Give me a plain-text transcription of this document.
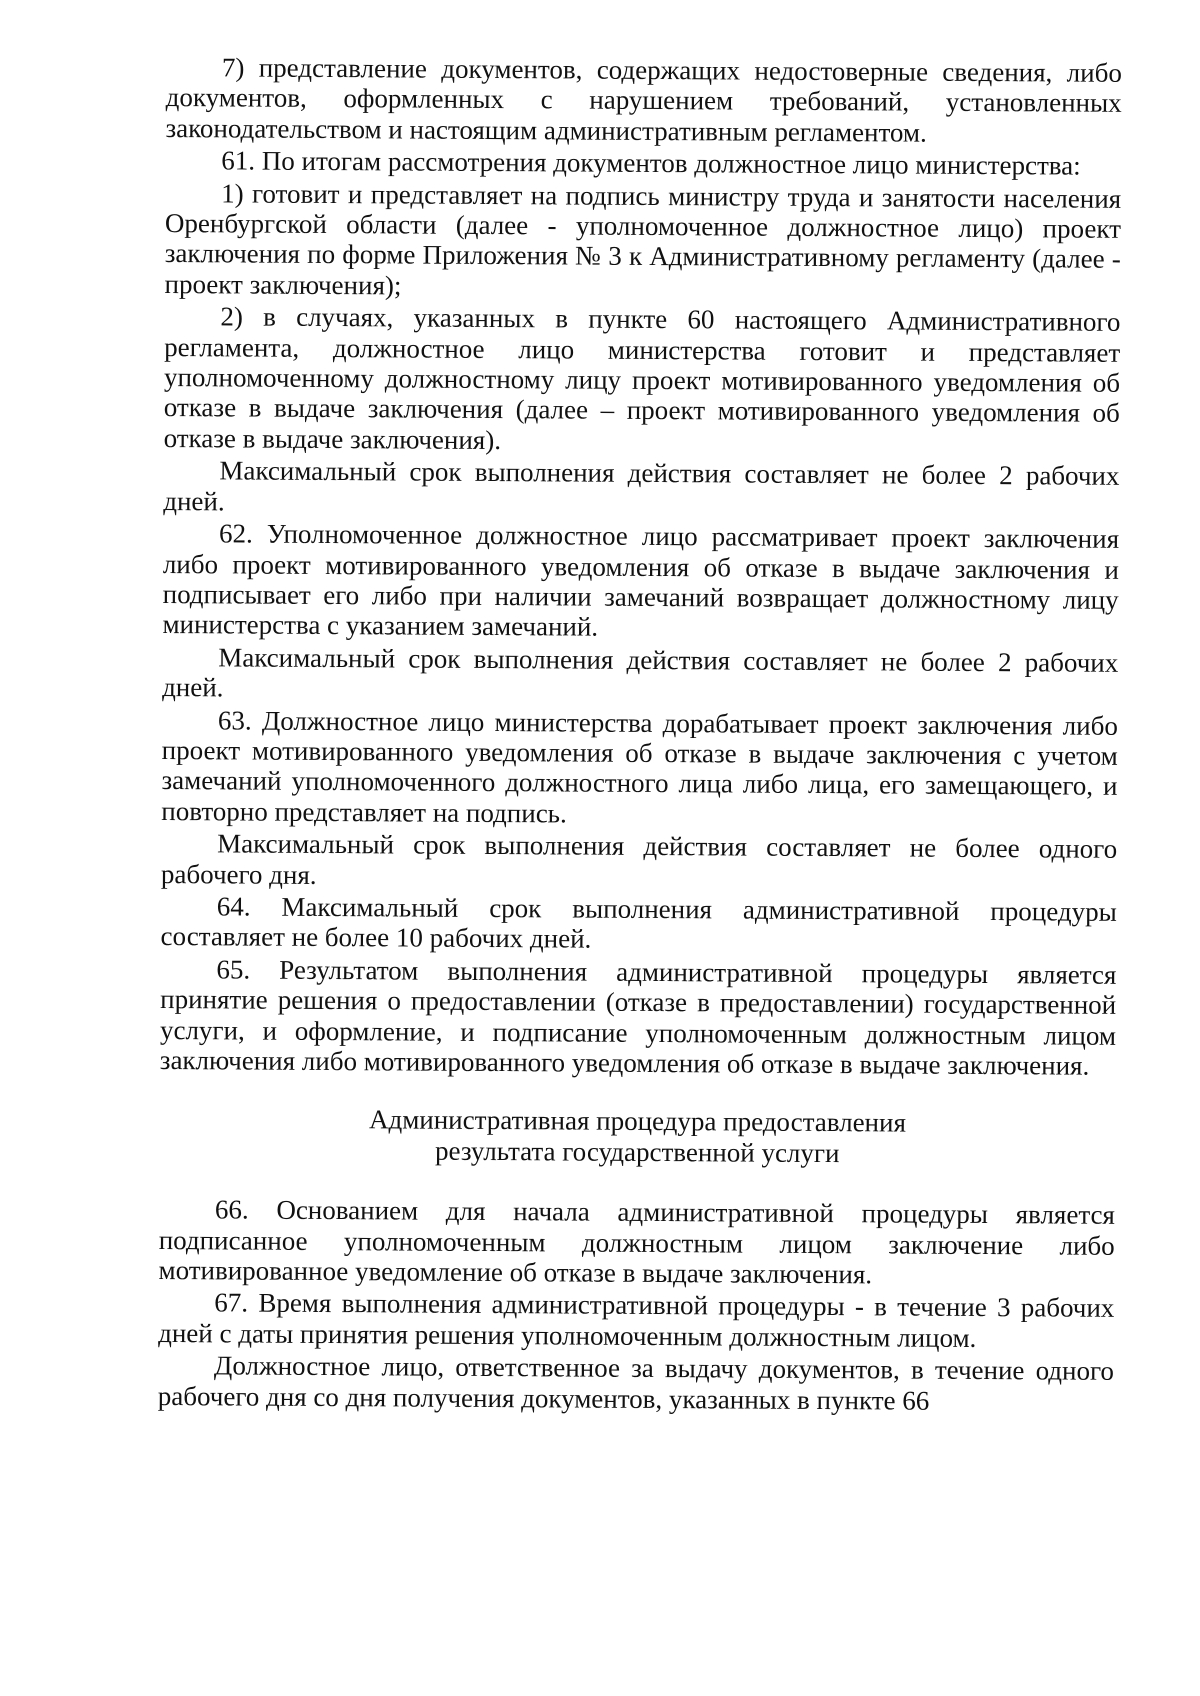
7) представление документов, содержащих недостоверные сведения, либо документов, оформленных с нарушением требований, установленных законодательством и настоящим административным регламентом.

61. По итогам рассмотрения документов должностное лицо министерства:

1) готовит и представляет на подпись министру труда и занятости населения Оренбургской области (далее - уполномоченное должностное лицо) проект заключения по форме Приложения № 3 к Административному регламенту (далее - проект заключения);

2) в случаях, указанных в пункте 60 настоящего Административного регламента, должностное лицо министерства готовит и представляет уполномоченному должностному лицу проект мотивированного уведомления об отказе в выдаче заключения (далее – проект мотивированного уведомления об отказе в выдаче заключения).

Максимальный срок выполнения действия составляет не более 2 рабочих дней.

62. Уполномоченное должностное лицо рассматривает проект заключения либо проект мотивированного уведомления об отказе в выдаче заключения и подписывает его либо при наличии замечаний возвращает должностному лицу министерства с указанием замечаний.

Максимальный срок выполнения действия составляет не более 2 рабочих дней.

63. Должностное лицо министерства дорабатывает проект заключения либо проект мотивированного уведомления об отказе в выдаче заключения с учетом замечаний уполномоченного должностного лица либо лица, его замещающего, и повторно представляет на подпись.

Максимальный срок выполнения действия составляет не более одного рабочего дня.

64. Максимальный срок выполнения административной процедуры составляет не более 10 рабочих дней.

65. Результатом выполнения административной процедуры является принятие решения о предоставлении (отказе в предоставлении) государственной услуги, и оформление, и подписание уполномоченным должностным лицом заключения либо мотивированного уведомления об отказе в выдаче заключения.

Административная процедура предоставления
результата государственной услуги

66. Основанием для начала административной процедуры является подписанное уполномоченным должностным лицом заключение либо мотивированное уведомление об отказе в выдаче заключения.

67. Время выполнения административной процедуры - в течение 3 рабочих дней с даты принятия решения уполномоченным должностным лицом.

Должностное лицо, ответственное за выдачу документов, в течение одного рабочего дня со дня получения документов, указанных в пункте 66
